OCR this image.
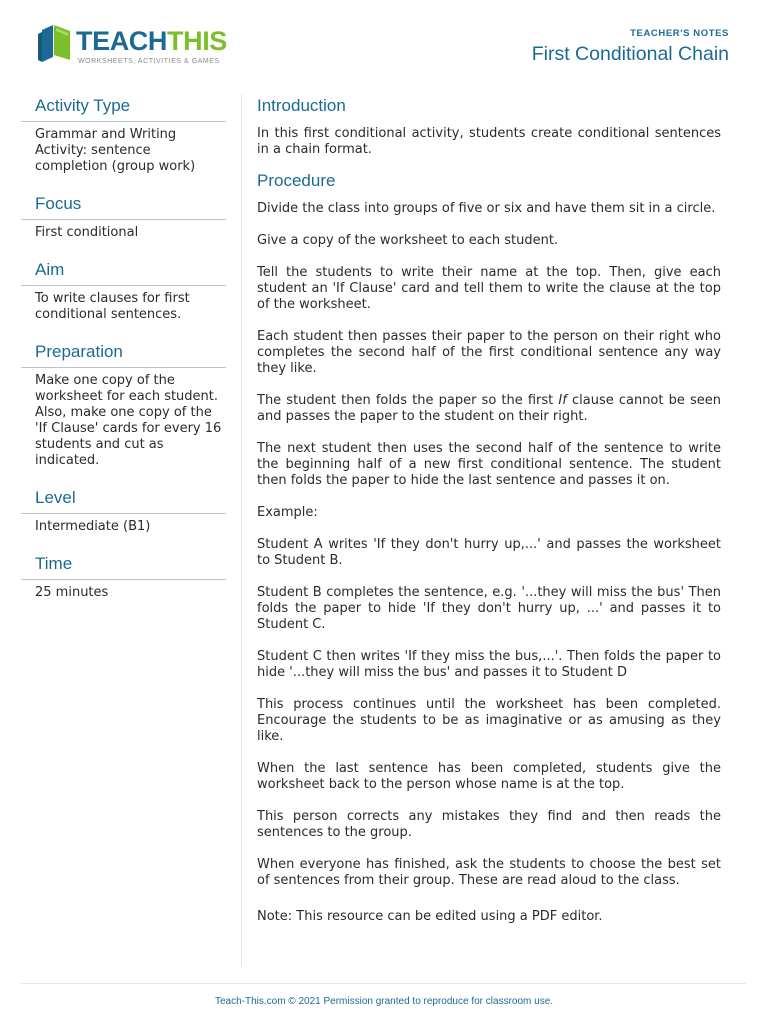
TEACHTHIS

WORKSHEETS, ACTIVITIES & GAMES

TEACHER'S NOTES

First Conditional Chain
Activity Type

Grammar and Writing Activity: sentence completion (group work)

Focus

First conditional

Aim

To write clauses for first conditional sentences.

Preparation

Make one copy of the worksheet for each student. Also, make one copy of the 'If Clause' cards for every 16 students and cut as indicated.

Level

Intermediate (B1)

Time

25 minutes

Introduction

In this first conditional activity, students create conditional sentences in a chain format.

Procedure

Divide the class into groups of five or six and have them sit in a circle.

Give a copy of the worksheet to each student.

Tell the students to write their name at the top. Then, give each student an 'If Clause' card and tell them to write the clause at the top of the worksheet.

Each student then passes their paper to the person on their right who completes the second half of the first conditional sentence any way they like.

The student then folds the paper so the first If clause cannot be seen and passes the paper to the student on their right.

The next student then uses the second half of the sentence to write the beginning half of a new first conditional sentence. The student then folds the paper to hide the last sentence and passes it on.

Example:

Student A writes 'If they don't hurry up,...' and passes the worksheet to Student B.

Student B completes the sentence, e.g. '...they will miss the bus' Then folds the paper to hide 'If they don't hurry up, ...' and passes it to Student C.

Student C then writes 'If they miss the bus,...'. Then folds the paper to hide '...they will miss the bus' and passes it to Student D

This process continues until the worksheet has been completed. Encourage the students to be as imaginative or as amusing as they like.

When the last sentence has been completed, students give the worksheet back to the person whose name is at the top.

This person corrects any mistakes they find and then reads the sentences to the group.

When everyone has finished, ask the students to choose the best set of sentences from their group. These are read aloud to the class.

Note: This resource can be edited using a PDF editor.

Teach-This.com © 2021 Permission granted to reproduce for classroom use.
